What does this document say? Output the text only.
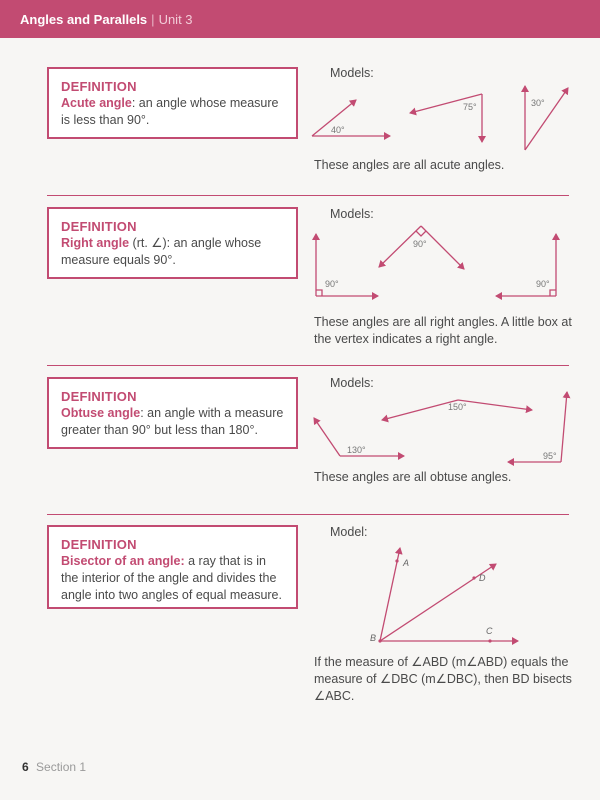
Angles and Parallels | Unit 3
DEFINITION
Acute angle: an angle whose measure is less than 90°.
Models:
These angles are all acute angles.
DEFINITION
Right angle (rt. ∠): an angle whose measure equals 90°.
Models:
These angles are all right angles. A little box at the vertex indicates a right angle.
DEFINITION
Obtuse angle: an angle with a measure greater than 90° but less than 180°.
Models:
These angles are all obtuse angles.
DEFINITION
Bisector of an angle: a ray that is in the interior of the angle and divides the angle into two angles of equal measure.
Model:
If the measure of ∠ABD (m∠ABD) equals the
measure of ∠DBC (m∠DBC), then BD bisects
∠ABC.
40°
75°	30°
90°
90°
90°
130°
150°
95°
A
D
B
C
6 Section 1
